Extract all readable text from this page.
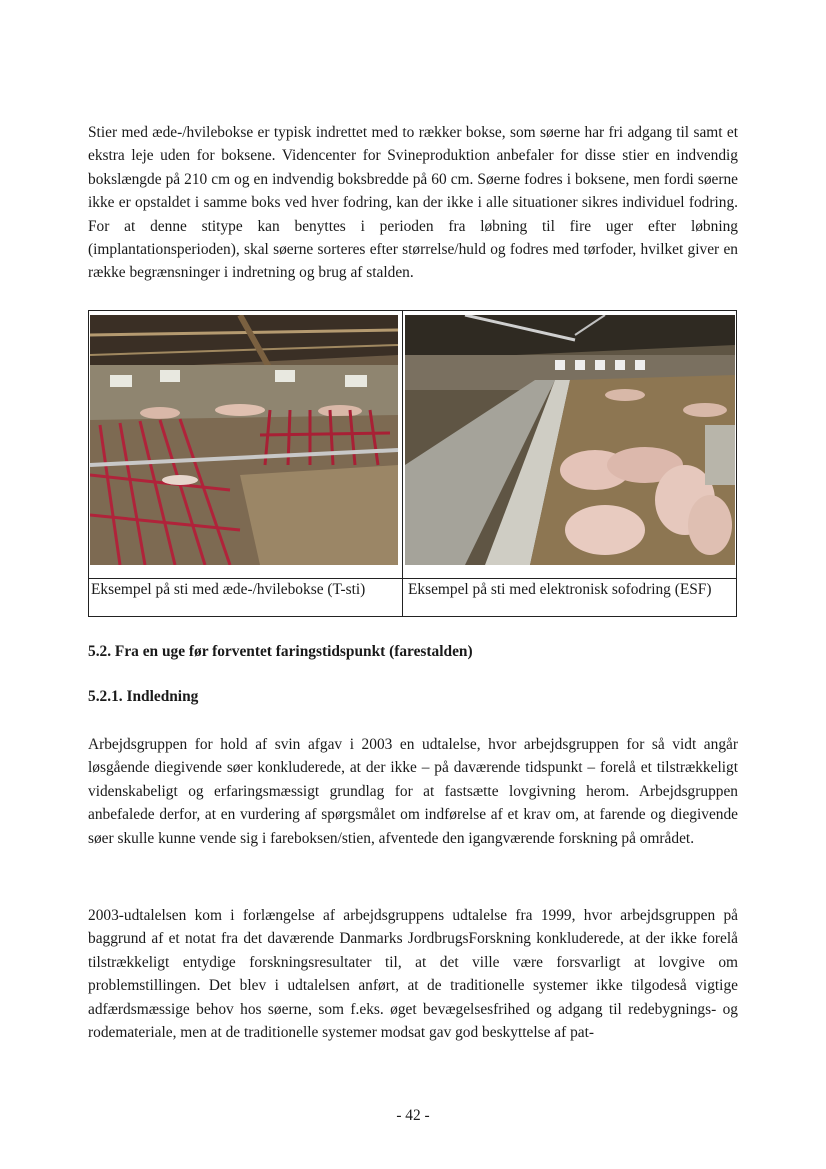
Stier med æde-/hvilebokse er typisk indrettet med to rækker bokse, som søerne har fri adgang til samt et ekstra leje uden for boksene. Videncenter for Svineproduktion anbefaler for disse stier en indvendig bokslængde på 210 cm og en indvendig boksbredde på 60 cm. Søerne fodres i boksene, men fordi søerne ikke er opstaldet i samme boks ved hver fodring, kan der ikke i alle situationer sikres individuel fodring. For at denne stitype kan benyttes i perioden fra løbning til fire uger efter løbning (implantationsperioden), skal søerne sorteres efter størrelse/huld og fodres med tørfoder, hvilket giver en række begrænsninger i indretning og brug af stalden.

Eksempel på sti med æde-/hvilebokse (T-sti)	Eksempel på sti med elektronisk sofodring (ESF)

5.2. Fra en uge før forventet faringstidspunkt (farestalden)
5.2.1. Indledning

Arbejdsgruppen for hold af svin afgav i 2003 en udtalelse, hvor arbejdsgruppen for så vidt angår løsgående diegivende søer konkluderede, at der ikke – på daværende tidspunkt – forelå et tilstrækkeligt videnskabeligt og erfaringsmæssigt grundlag for at fastsætte lovgivning herom. Arbejdsgruppen anbefalede derfor, at en vurdering af spørgsmålet om indførelse af et krav om, at farende og diegivende søer skulle kunne vende sig i fareboksen/stien, afventede den igangværende forskning på området.

2003-udtalelsen kom i forlængelse af arbejdsgruppens udtalelse fra 1999, hvor arbejdsgruppen på baggrund af et notat fra det daværende Danmarks JordbrugsForskning konkluderede, at der ikke forelå tilstrækkeligt entydige forskningsresultater til, at det ville være forsvarligt at lovgive om problemstillingen. Det blev i udtalelsen anført, at de traditionelle systemer ikke tilgodeså vigtige adfærdsmæssige behov hos søerne, som f.eks. øget bevægelsesfrihed og adgang til redebygnings- og rodemateriale, men at de traditionelle systemer modsat gav god beskyttelse af pat-

- 42 -
